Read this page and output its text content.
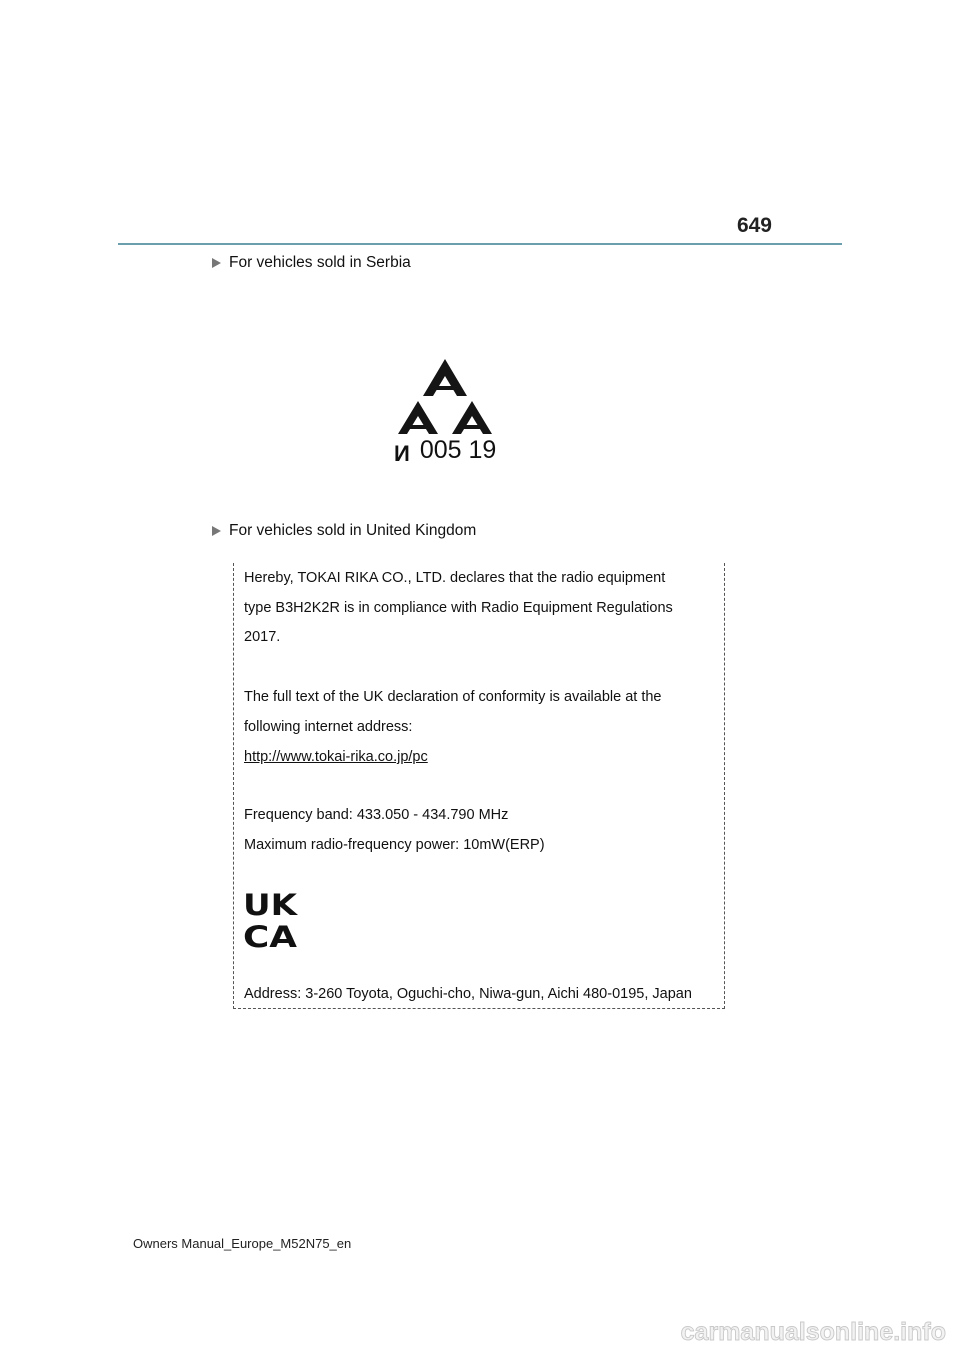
649
For vehicles sold in Serbia
И 005 19
For vehicles sold in United Kingdom
Hereby, TOKAI RIKA CO., LTD. declares that the radio equipment
type B3H2K2R is in compliance with Radio Equipment Regulations
2017.
The full text of the UK declaration of conformity is available at the
following internet address:
http://www.tokai-rika.co.jp/pc
Frequency band: 433.050 - 434.790 MHz
Maximum radio-frequency power: 10mW(ERP)
UK
CA
Address: 3-260 Toyota, Oguchi-cho, Niwa-gun, Aichi 480-0195, Japan
Owners Manual_Europe_M52N75_en
carmanualsonline.info
